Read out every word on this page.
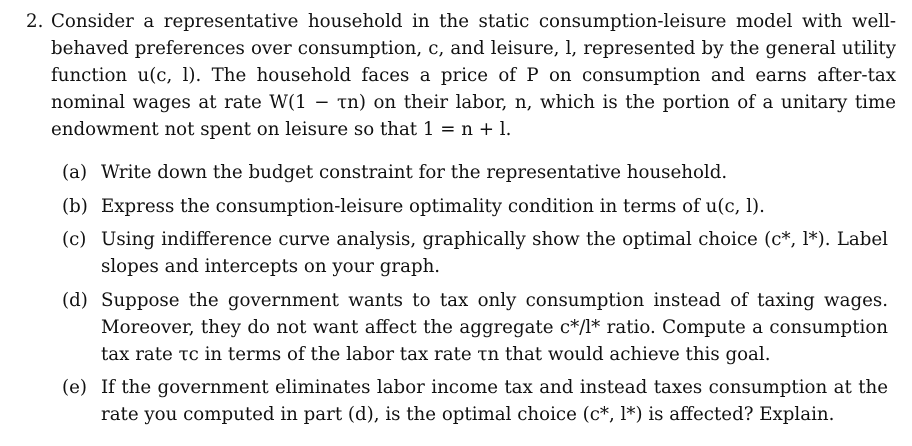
2. Consider a representative household in the static consumption-leisure model with well-behaved preferences over consumption, c, and leisure, l, represented by the general utility function u(c, l). The household faces a price of P on consumption and earns after-tax nominal wages at rate W(1 − τn) on their labor, n, which is the portion of a unitary time endowment not spent on leisure so that 1 = n + l.
(a) Write down the budget constraint for the representative household.
(b) Express the consumption-leisure optimality condition in terms of u(c, l).
(c) Using indifference curve analysis, graphically show the optimal choice (c*, l*). Label slopes and intercepts on your graph.
(d) Suppose the government wants to tax only consumption instead of taxing wages. Moreover, they do not want affect the aggregate c*/l* ratio. Compute a consumption tax rate τc in terms of the labor tax rate τn that would achieve this goal.
(e) If the government eliminates labor income tax and instead taxes consumption at the rate you computed in part (d), is the optimal choice (c*, l*) is affected? Explain.
